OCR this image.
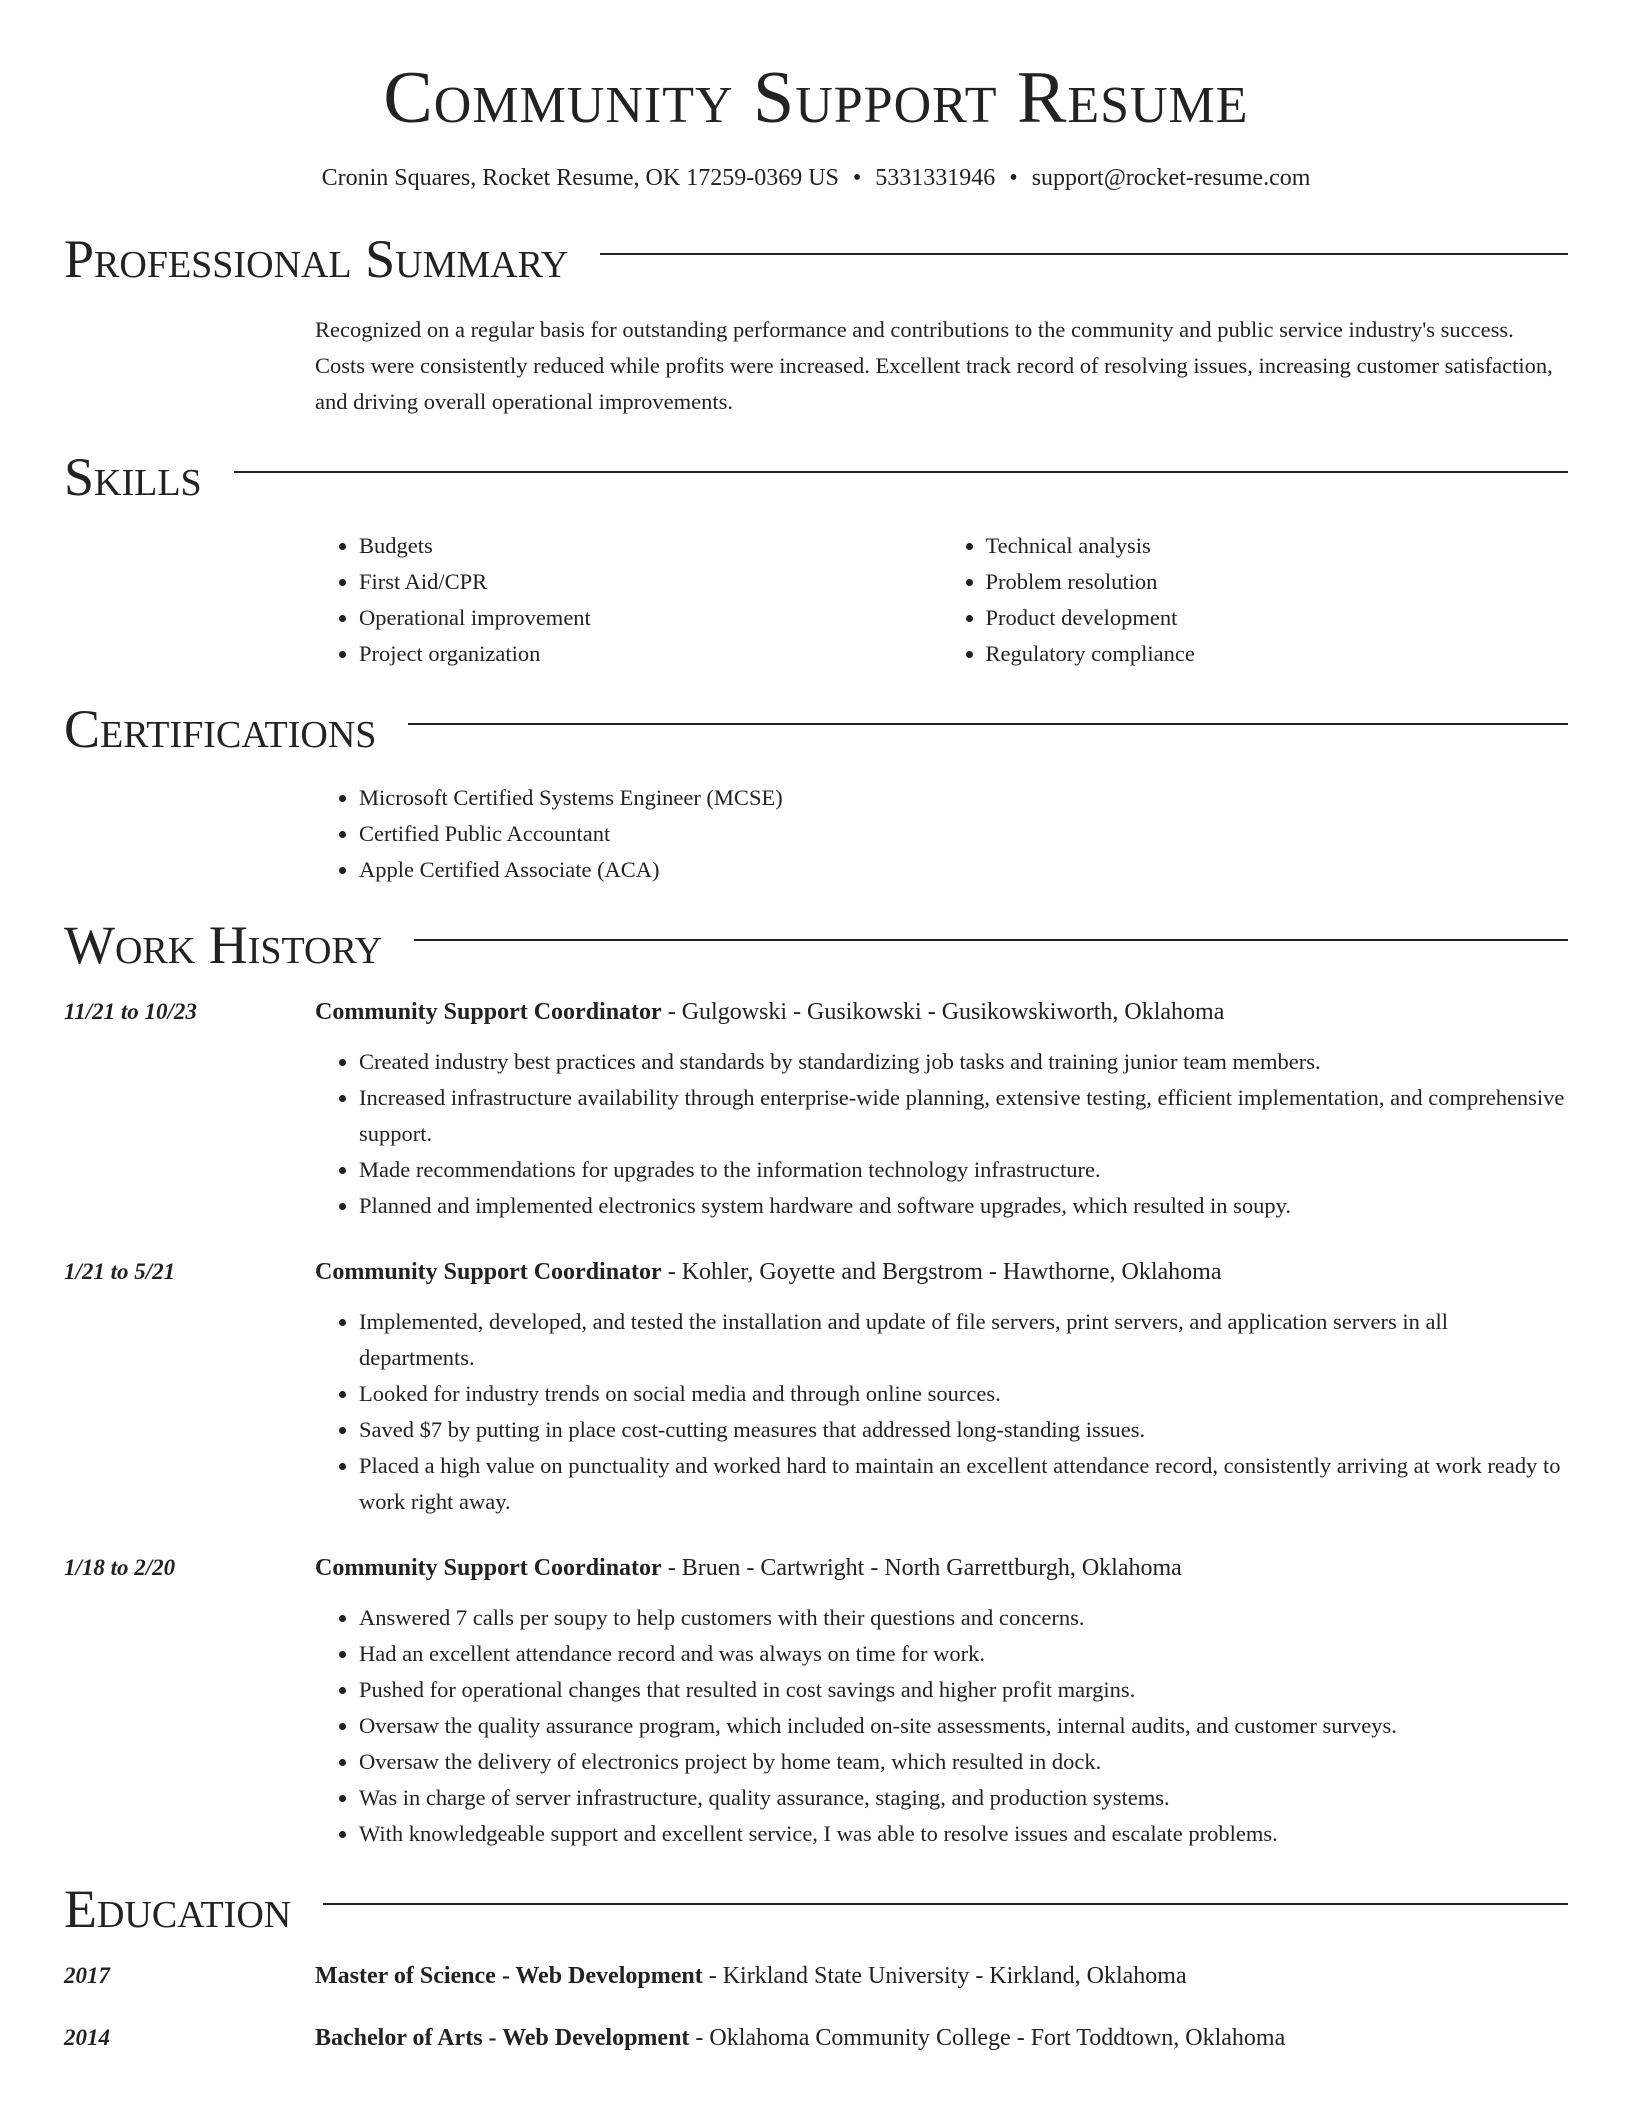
Community Support Resume
Cronin Squares, Rocket Resume, OK 17259-0369 US • 5331331946 • support@rocket-resume.com
Professional Summary
Recognized on a regular basis for outstanding performance and contributions to the community and public service industry's success. Costs were consistently reduced while profits were increased. Excellent track record of resolving issues, increasing customer satisfaction, and driving overall operational improvements.
Skills
• Budgets
• First Aid/CPR
• Operational improvement
• Project organization
• Technical analysis
• Problem resolution
• Product development
• Regulatory compliance
Certifications
• Microsoft Certified Systems Engineer (MCSE)
• Certified Public Accountant
• Apple Certified Associate (ACA)
Work History
11/21 to 10/23	Community Support Coordinator - Gulgowski - Gusikowski - Gusikowskiworth, Oklahoma
• Created industry best practices and standards by standardizing job tasks and training junior team members.
• Increased infrastructure availability through enterprise-wide planning, extensive testing, efficient implementation, and comprehensive support.
• Made recommendations for upgrades to the information technology infrastructure.
• Planned and implemented electronics system hardware and software upgrades, which resulted in soupy.
1/21 to 5/21	Community Support Coordinator - Kohler, Goyette and Bergstrom - Hawthorne, Oklahoma
• Implemented, developed, and tested the installation and update of file servers, print servers, and application servers in all departments.
• Looked for industry trends on social media and through online sources.
• Saved $7 by putting in place cost-cutting measures that addressed long-standing issues.
• Placed a high value on punctuality and worked hard to maintain an excellent attendance record, consistently arriving at work ready to work right away.
1/18 to 2/20	Community Support Coordinator - Bruen - Cartwright - North Garrettburgh, Oklahoma
• Answered 7 calls per soupy to help customers with their questions and concerns.
• Had an excellent attendance record and was always on time for work.
• Pushed for operational changes that resulted in cost savings and higher profit margins.
• Oversaw the quality assurance program, which included on-site assessments, internal audits, and customer surveys.
• Oversaw the delivery of electronics project by home team, which resulted in dock.
• Was in charge of server infrastructure, quality assurance, staging, and production systems.
• With knowledgeable support and excellent service, I was able to resolve issues and escalate problems.
Education
2017	Master of Science - Web Development - Kirkland State University - Kirkland, Oklahoma
2014	Bachelor of Arts - Web Development - Oklahoma Community College - Fort Toddtown, Oklahoma
